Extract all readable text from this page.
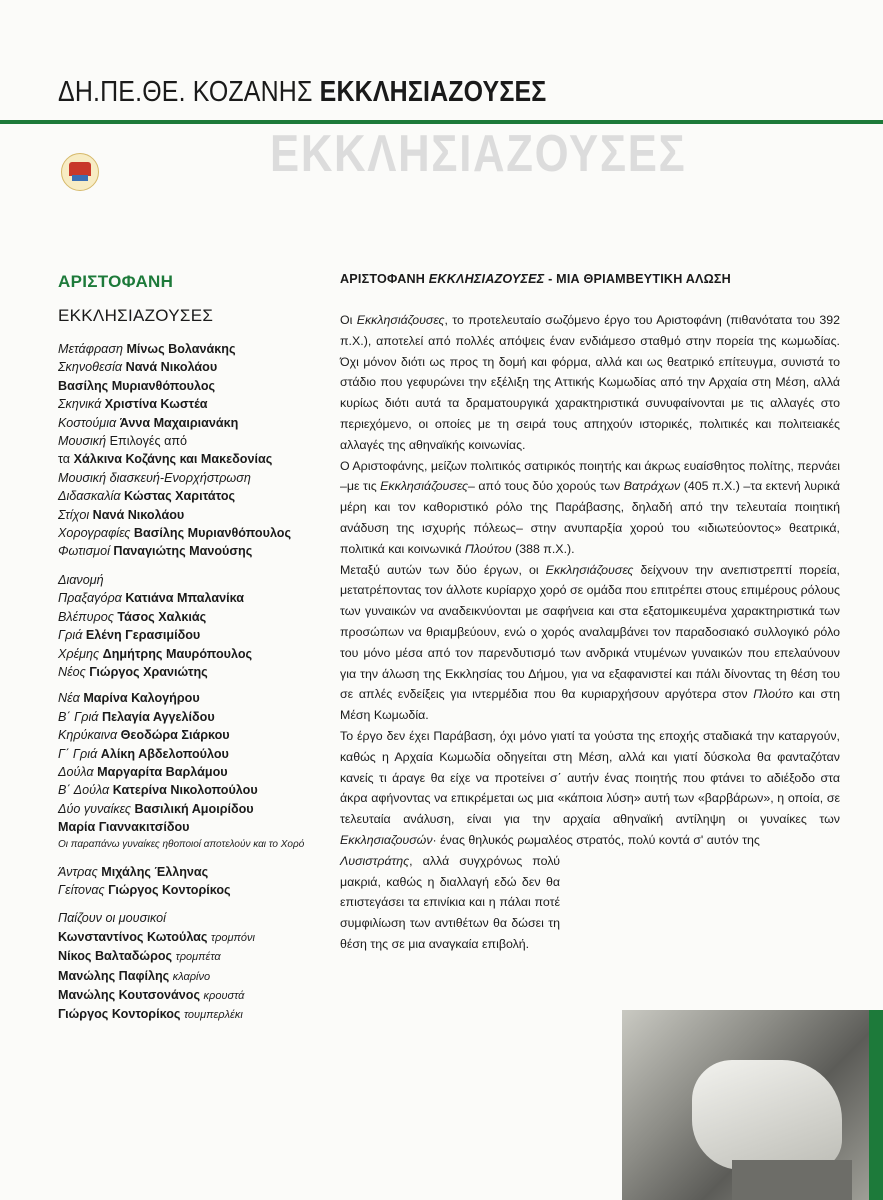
ΔΗ.ΠΕ.ΘΕ. ΚΟΖΑΝΗΣ ΕΚΚΛΗΣΙΑΖΟΥΣΕΣ
ΕΚΚΛΗΣΙΑΖΟΥΣΕΣ
ΑΡΙΣΤΟΦΑΝΗ
ΕΚΚΛΗΣΙΑΖΟΥΣΕΣ
Μετάφραση Μίνως Βολανάκης
Σκηνοθεσία Νανά Νικολάου
Βασίλης Μυριανθόπουλος
Σκηνικά Χριστίνα Κωστέα
Κοστούμια Άννα Μαχαιριανάκη
Μουσική Επιλογές από
τα Χάλκινα Κοζάνης και Μακεδονίας
Μουσική διασκευή-Ενορχήστρωση
Διδασκαλία Κώστας Χαριτάτος
Στίχοι Νανά Νικολάου
Χορογραφίες Βασίλης Μυριανθόπουλος
Φωτισμοί Παναγιώτης Μανούσης
Διανομή
Πραξαγόρα Κατιάνα Μπαλανίκα
Βλέπυρος Τάσος Χαλκιάς
Γριά Ελένη Γερασιμίδου
Χρέμης Δημήτρης Μαυρόπουλος
Νέος Γιώργος Χρανιώτης
Νέα Μαρίνα Καλογήρου
Β΄ Γριά Πελαγία Αγγελίδου
Κηρύκαινα Θεοδώρα Σιάρκου
Γ΄ Γριά Αλίκη Αβδελοπούλου
Δούλα Μαργαρίτα Βαρλάμου
Β΄ Δούλα Κατερίνα Νικολοπούλου
Δύο γυναίκες Βασιλική Αμοιρίδου
Μαρία Γιαννακιτσίδου
Οι παραπάνω γυναίκες ηθοποιοί αποτελούν και το Χορό
Άντρας Μιχάλης Έλληνας
Γείτονας Γιώργος Κοντορίκος
Παίζουν οι μουσικοί
Κωνσταντίνος Κωτούλας τρομπόνι
Νίκος Βαλταδώρος τρομπέτα
Μανώλης Παφίλης κλαρίνο
Μανώλης Κουτσονάνος κρουστά
Γιώργος Κοντορίκος τουμπερλέκι
ΑΡΙΣΤΟΦΑΝΗ ΕΚΚΛΗΣΙΑΖΟΥΣΕΣ - ΜΙΑ ΘΡΙΑΜΒΕΥΤΙΚΗ ΑΛΩΣΗ

Οι Εκκλησιάζουσες, το προτελευταίο σωζόμενο έργο του Αριστοφάνη (πιθανότατα του 392 π.Χ.), αποτελεί από πολλές απόψεις έναν ενδιάμεσο σταθμό στην πορεία της κωμωδίας. Όχι μόνον διότι ως προς τη δομή και φόρμα, αλλά και ως θεατρικό επίτευγμα, συνιστά το στάδιο που γεφυρώνει την εξέλιξη της Αττικής Κωμωδίας από την Αρχαία στη Μέση, αλλά κυρίως διότι αυτά τα δραματουργικά χαρακτηριστικά συνυφαίνονται με τις αλλαγές στο περιεχόμενο, οι οποίες με τη σειρά τους απηχούν ιστορικές, πολιτικές και πολιτειακές αλλαγές της αθηναϊκής κοινωνίας.

Ο Αριστοφάνης, μείζων πολιτικός σατιρικός ποιητής και άκρως ευαίσθητος πολίτης, περνάει –με τις Εκκλησιάζουσες– από τους δύο χορούς των Βατράχων (405 π.Χ.) –τα εκτενή λυρικά μέρη και τον καθοριστικό ρόλο της Παράβασης, δηλαδή από την τελευταία ποιητική ανάδυση της ισχυρής πόλεως– στην ανυπαρξία χορού του «ιδιωτεύοντος» θεατρικά, πολιτικά και κοινωνικά Πλούτου (388 π.Χ.).

Μεταξύ αυτών των δύο έργων, οι Εκκλησιάζουσες δείχνουν την ανεπιστρεπτί πορεία, μετατρέποντας τον άλλοτε κυρίαρχο χορό σε ομάδα που επιτρέπει στους επιμέρους ρόλους των γυναικών να αναδεικνύονται με σαφήνεια και στα εξατομικευμένα χαρακτηριστικά των προσώπων να θριαμβεύουν, ενώ ο χορός αναλαμβάνει τον παραδοσιακό συλλογικό ρόλο του μόνο μέσα από τον παρενδυτισμό των ανδρικά ντυμένων γυναικών που επελαύνουν για την άλωση της Εκκλησίας του Δήμου, για να εξαφανιστεί και πάλι δίνοντας τη θέση του σε απλές ενδείξεις για ιντερμέδια που θα κυριαρχήσουν αργότερα στον Πλούτο και στη Μέση Κωμωδία.

Το έργο δεν έχει Παράβαση, όχι μόνο γιατί τα γούστα της εποχής σταδιακά την καταργούν, καθώς η Αρχαία Κωμωδία οδηγείται στη Μέση, αλλά και γιατί δύσκολα θα φανταζόταν κανείς τι άραγε θα είχε να προτείνει σ΄ αυτήν ένας ποιητής που φτάνει το αδιέξοδο στα άκρα αφήνοντας να επικρέμεται ως μια «κάποια λύση» αυτή των «βαρβάρων», η οποία, σε τελευταία ανάλυση, είναι για την αρχαία αθηναϊκή αντίληψη οι γυναίκες των Εκκλησιαζουσών· ένας θηλυκός ρωμαλέος στρατός, πολύ κοντά σ' αυτόν της

Λυσιστράτης, αλλά συγχρόνως πολύ μακριά, καθώς η διαλλαγή εδώ δεν θα επιστεγάσει τα επινίκια και η πάλαι ποτέ συμφιλίωση των αντιθέτων θα δώσει τη θέση της σε μια αναγκαία επιβολή.
